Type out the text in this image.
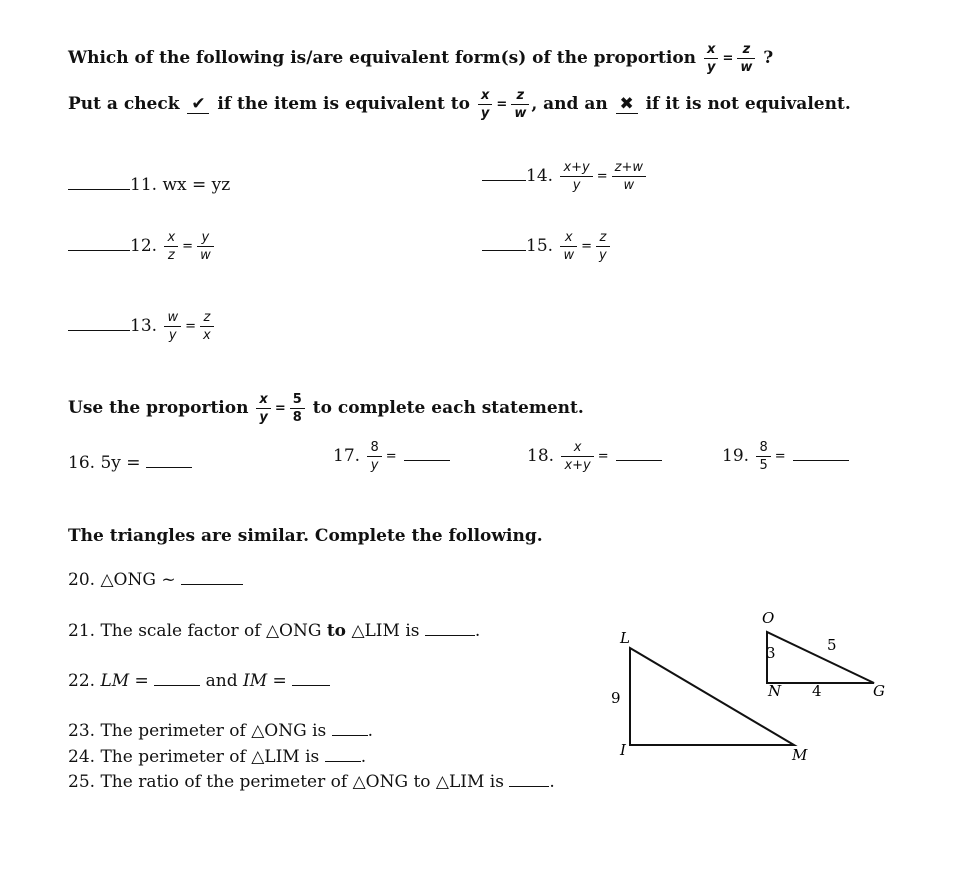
Which of the following is/are equivalent form(s) of the proportion $\frac{x}{y} = \frac{z}{w}$ ?
Put a check ✔ if the item is equivalent to $\frac{x}{y} = \frac{z}{w}$ , and an ✖ if it is not equivalent.
11. wx = yz	14. $\frac{x+y}{y} = \frac{z+w}{w}$
12. $\frac{x}{z} = \frac{y}{w}$	15. $\frac{x}{w} = \frac{z}{y}$
13. $\frac{w}{y} = \frac{z}{x}$
Use the proportion $\frac{x}{y} = \frac{5}{8}$ to complete each statement.
16. 5y =	17. $\frac{8}{y}$ =	18. $\frac{x}{x+y}$ =	19. $\frac{8}{5}$ =
The triangles are similar. Complete the following.
20. △ONG ~
21. The scale factor of △ONG to △LIM is	.
22. LM =	and IM =
23. The perimeter of △ONG is .
24. The perimeter of △LIM is .
25. The ratio of the perimeter of △ONG to △LIM is	.
L
9
I	M
O
3	5
N 4	G
